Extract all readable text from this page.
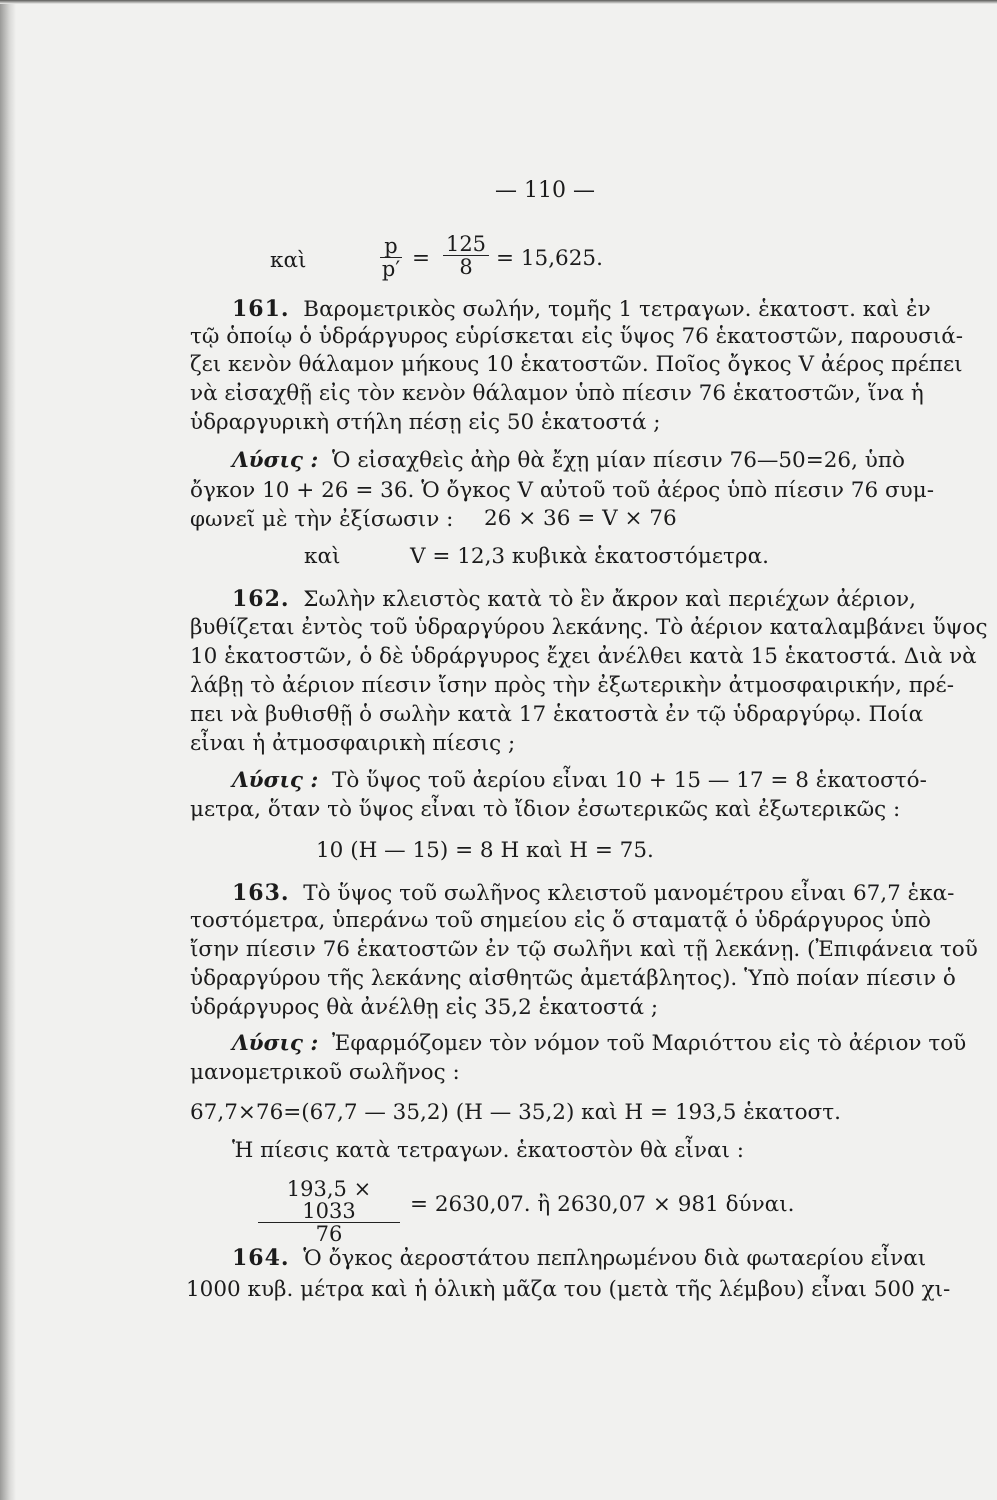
— 110 —
καὶ	$\frac{p}{p'} = \frac{125}{8} = 15,625$.
161. Βαρομετρικὸς σωλήν, τομῆς 1 τετραγων. ἑκατοστ. καὶ ἐν
τῷ ὁποίῳ ὁ ὑδράργυρος εὑρίσκεται εἰς ὕψος 76 ἑκατοστῶν, παρουσιά-
ζει κενὸν θάλαμον μήκους 10 ἑκατοστῶν. Ποῖος ὄγκος V ἀέρος πρέπει
νὰ εἰσαχθῇ εἰς τὸν κενὸν θάλαμον ὑπὸ πίεσιν 76 ἑκατοστῶν, ἵνα ἡ
ὑδραργυρικὴ στήλη πέσῃ εἰς 50 ἑκατοστά ;
Λύσις : Ὁ εἰσαχθεὶς ἀὴρ θὰ ἔχῃ μίαν πίεσιν 76—50=26, ὑπὸ
ὄγκον 10 + 26 = 36. Ὁ ὄγκος V αὐτοῦ τοῦ ἀέρος ὑπὸ πίεσιν 76 συμ-
φωνεῖ μὲ τὴν ἐξίσωσιν : 26 × 36 = V × 76
καὶ	V = 12,3 κυβικὰ ἑκατοστόμετρα.
162. Σωλὴν κλειστὸς κατὰ τὸ ἓν ἄκρον καὶ περιέχων ἀέριον,
βυθίζεται ἐντὸς τοῦ ὑδραργύρου λεκάνης. Τὸ ἀέριον καταλαμβάνει ὕψος
10 ἑκατοστῶν, ὁ δὲ ὑδράργυρος ἔχει ἀνέλθει κατὰ 15 ἑκατοστά. Διὰ νὰ
λάβῃ τὸ ἀέριον πίεσιν ἴσην πρὸς τὴν ἐξωτερικὴν ἀτμοσφαιρικήν, πρέ-
πει νὰ βυθισθῇ ὁ σωλὴν κατὰ 17 ἑκατοστὰ ἐν τῷ ὑδραργύρῳ. Ποία
εἶναι ἡ ἀτμοσφαιρικὴ πίεσις ;
Λύσις : Τὸ ὕψος τοῦ ἀερίου εἶναι 10 + 15 — 17 = 8 ἑκατοστό-
μετρα, ὅταν τὸ ὕψος εἶναι τὸ ἴδιον ἐσωτερικῶς καὶ ἐξωτερικῶς :
10 (H — 15) = 8 H καὶ H = 75.
163. Τὸ ὕψος τοῦ σωλῆνος κλειστοῦ μανομέτρου εἶναι 67,7 ἑκα-
τοστόμετρα, ὑπεράνω τοῦ σημείου εἰς ὅ σταματᾷ ὁ ὑδράργυρος ὑπὸ
ἴσην πίεσιν 76 ἑκατοστῶν ἐν τῷ σωλῆνι καὶ τῇ λεκάνῃ. (Ἐπιφάνεια τοῦ
ὑδραργύρου τῆς λεκάνης αἰσθητῶς ἀμετάβλητος). Ὑπὸ ποίαν πίεσιν ὁ
ὑδράργυρος θὰ ἀνέλθῃ εἰς 35,2 ἑκατοστά ;
Λύσις : Ἐφαρμόζομεν τὸν νόμον τοῦ Μαριόττου εἰς τὸ ἀέριον τοῦ
μανομετρικοῦ σωλῆνος :
67,7×76=(67,7 — 35,2) (H — 35,2) καὶ H = 193,5 ἑκατοστ.
Ἡ πίεσις κατὰ τετραγων. ἑκατοστὸν θὰ εἶναι :
$\frac{193,5 \times 1033}{76} = 2630,07$. ἢ 2630,07 × 981 δύναι.
164. Ὁ ὄγκος ἀεροστάτου πεπληρωμένου διὰ φωταερίου εἶναι
1000 κυβ. μέτρα καὶ ἡ ὁλικὴ μᾶζα του (μετὰ τῆς λέμβου) εἶναι 500 χι-
